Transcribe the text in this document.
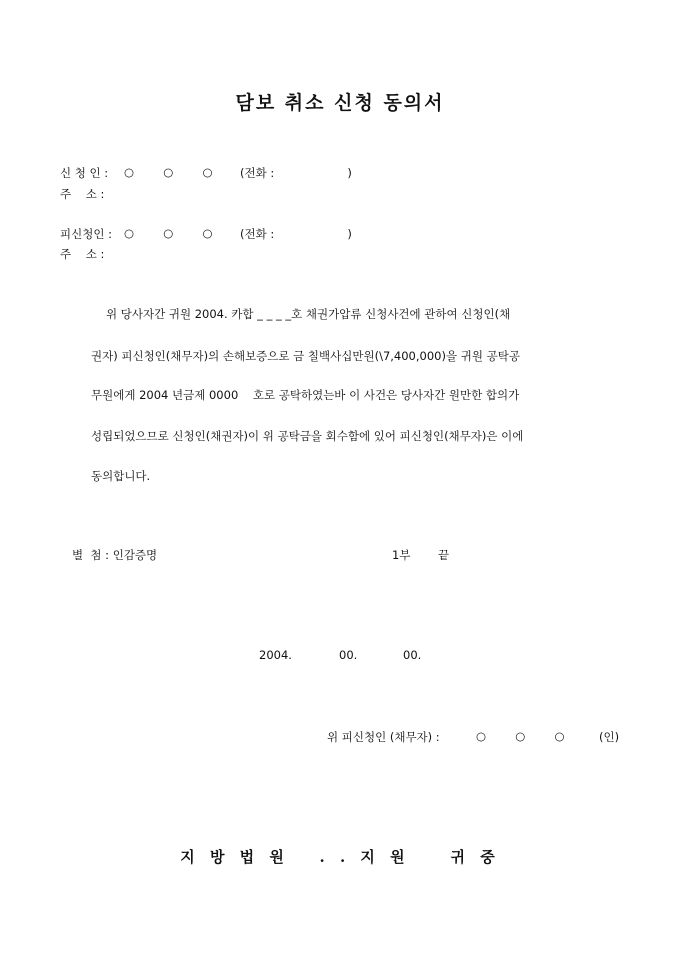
담보 취소 신청 동의서
신 청 인 : ○        ○        ○ (전화 :                    )
주    소 :
피신청인 : ○        ○        ○ (전화 :                    )
주    소 :
위 당사자간 귀원 2004. 카합 _ _ _ _호 채권가압류 신청사건에 관하여 신청인(채
권자) 피신청인(채무자)의 손해보증으로 금 칠백사십만원(\7,400,000)을 귀원 공탁공
무원에게 2004 년금제 0000    호로 공탁하였는바 이 사건은 당사자간 원만한 합의가
성립되었으므로 신청인(채권자)이 위 공탁금을 회수함에 있어 피신청인(채무자)은 이에
동의합니다.
별  첨 : 인감증명	1부 끝
2004.	00.	00.
위 피신청인 (채무자) :	○        ○        ○	(인)
지 방 법 원   . . 지 원    귀 중
